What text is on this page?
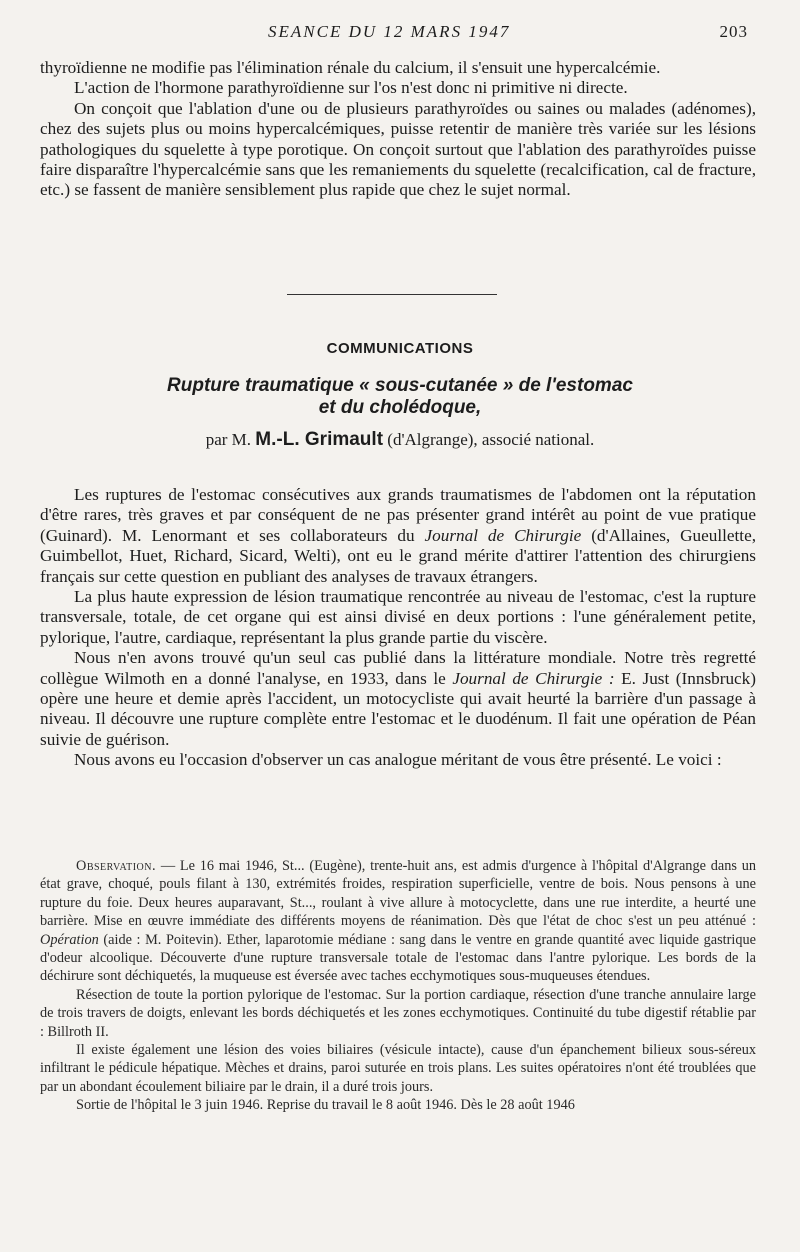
SEANCE DU 12 MARS 1947	203

thyroïdienne ne modifie pas l'élimination rénale du calcium, il s'ensuit une hypercalcémie.

L'action de l'hormone parathyroïdienne sur l'os n'est donc ni primitive ni directe.

On conçoit que l'ablation d'une ou de plusieurs parathyroïdes ou saines ou malades (adénomes), chez des sujets plus ou moins hypercalcémiques, puisse retentir de manière très variée sur les lésions pathologiques du squelette à type porotique. On conçoit surtout que l'ablation des parathyroïdes puisse faire disparaître l'hypercalcémie sans que les remaniements du squelette (recalcification, cal de fracture, etc.) se fassent de manière sensiblement plus rapide que chez le sujet normal.

COMMUNICATIONS
Rupture traumatique « sous-cutanée » de l'estomac
et du cholédoque,
par M. M.-L. Grimault (d'Algrange), associé national.

Les ruptures de l'estomac consécutives aux grands traumatismes de l'abdomen ont la réputation d'être rares, très graves et par conséquent de ne pas présenter grand intérêt au point de vue pratique (Guinard). M. Lenormant et ses collaborateurs du Journal de Chirurgie (d'Allaines, Gueullette, Guimbellot, Huet, Richard, Sicard, Welti), ont eu le grand mérite d'attirer l'attention des chirurgiens français sur cette question en publiant des analyses de travaux étrangers.

La plus haute expression de lésion traumatique rencontrée au niveau de l'estomac, c'est la rupture transversale, totale, de cet organe qui est ainsi divisé en deux portions : l'une généralement petite, pylorique, l'autre, cardiaque, représentant la plus grande partie du viscère.

Nous n'en avons trouvé qu'un seul cas publié dans la littérature mondiale. Notre très regretté collègue Wilmoth en a donné l'analyse, en 1933, dans le Journal de Chirurgie : E. Just (Innsbruck) opère une heure et demie après l'accident, un motocycliste qui avait heurté la barrière d'un passage à niveau. Il découvre une rupture complète entre l'estomac et le duodénum. Il fait une opération de Péan suivie de guérison.

Nous avons eu l'occasion d'observer un cas analogue méritant de vous être présenté. Le voici :

Observation. — Le 16 mai 1946, St... (Eugène), trente-huit ans, est admis d'urgence à l'hôpital d'Algrange dans un état grave, choqué, pouls filant à 130, extrémités froides, respiration superficielle, ventre de bois. Nous pensons à une rupture du foie. Deux heures auparavant, St..., roulant à vive allure à motocyclette, dans une rue interdite, a heurté une barrière. Mise en œuvre immédiate des différents moyens de réanimation. Dès que l'état de choc s'est un peu atténué : Opération (aide : M. Poitevin). Ether, laparotomie médiane : sang dans le ventre en grande quantité avec liquide gastrique d'odeur alcoolique. Découverte d'une rupture transversale totale de l'estomac dans l'antre pylorique. Les bords de la déchirure sont déchiquetés, la muqueuse est éversée avec taches ecchymotiques sous-muqueuses étendues.

Résection de toute la portion pylorique de l'estomac. Sur la portion cardiaque, résection d'une tranche annulaire large de trois travers de doigts, enlevant les bords déchiquetés et les zones ecchymotiques. Continuité du tube digestif rétablie par : Billroth II.

Il existe également une lésion des voies biliaires (vésicule intacte), cause d'un épanchement bilieux sous-séreux infiltrant le pédicule hépatique. Mèches et drains, paroi suturée en trois plans. Les suites opératoires n'ont été troublées que par un abondant écoulement biliaire par le drain, il a duré trois jours.

Sortie de l'hôpital le 3 juin 1946. Reprise du travail le 8 août 1946. Dès le 28 août 1946
